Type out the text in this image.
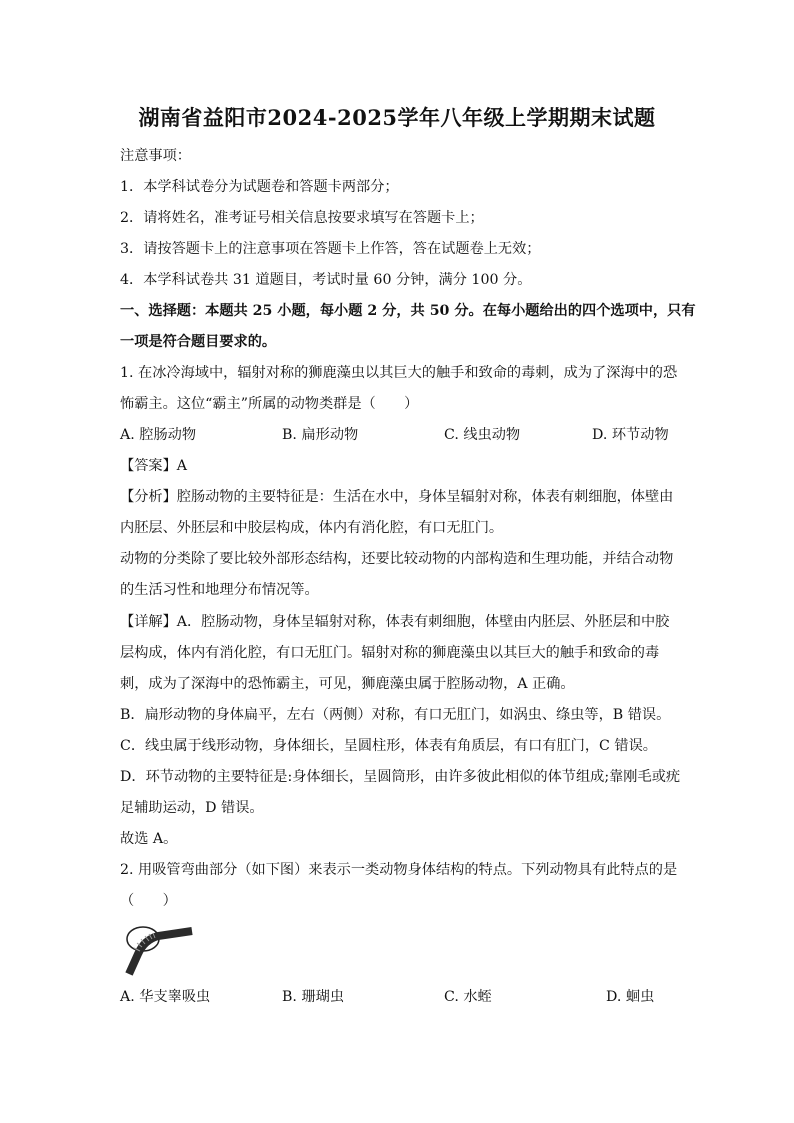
湖南省益阳市2024-2025学年八年级上学期期末试题
注意事项：
1．本学科试卷分为试题卷和答题卡两部分；
2．请将姓名，准考证号相关信息按要求填写在答题卡上；
3．请按答题卡上的注意事项在答题卡上作答，答在试题卷上无效；
4．本学科试卷共 31 道题目，考试时量 60 分钟，满分 100 分。
一、选择题：本题共 25 小题，每小题 2 分，共 50 分。在每小题给出的四个选项中，只有
一项是符合题目要求的。
1. 在冰冷海域中，辐射对称的狮鹿藻虫以其巨大的触手和致命的毒刺，成为了深海中的恐
怖霸主。这位“霸主”所属的动物类群是（　　）
A. 腔肠动物	B. 扁形动物	C. 线虫动物	D. 环节动物
【答案】A
【分析】腔肠动物的主要特征是：生活在水中，身体呈辐射对称，体表有刺细胞，体壁由
内胚层、外胚层和中胶层构成，体内有消化腔，有口无肛门。
动物的分类除了要比较外部形态结构，还要比较动物的内部构造和生理功能，并结合动物
的生活习性和地理分布情况等。
【详解】A．腔肠动物，身体呈辐射对称，体表有刺细胞，体壁由内胚层、外胚层和中胶
层构成，体内有消化腔，有口无肛门。辐射对称的狮鹿藻虫以其巨大的触手和致命的毒
刺，成为了深海中的恐怖霸主，可见，狮鹿藻虫属于腔肠动物，A 正确。
B．扁形动物的身体扁平，左右（两侧）对称，有口无肛门，如涡虫、绦虫等，B 错误。
C．线虫属于线形动物，身体细长，呈圆柱形，体表有角质层，有口有肛门，C 错误。
D．环节动物的主要特征是:身体细长，呈圆筒形，由许多彼此相似的体节组成;靠刚毛或疣
足辅助运动，D 错误。
故选 A。
2. 用吸管弯曲部分（如下图）来表示一类动物身体结构的特点。下列动物具有此特点的是
（　　）
A. 华支睾吸虫	B. 珊瑚虫	C. 水蛭	D. 蛔虫
